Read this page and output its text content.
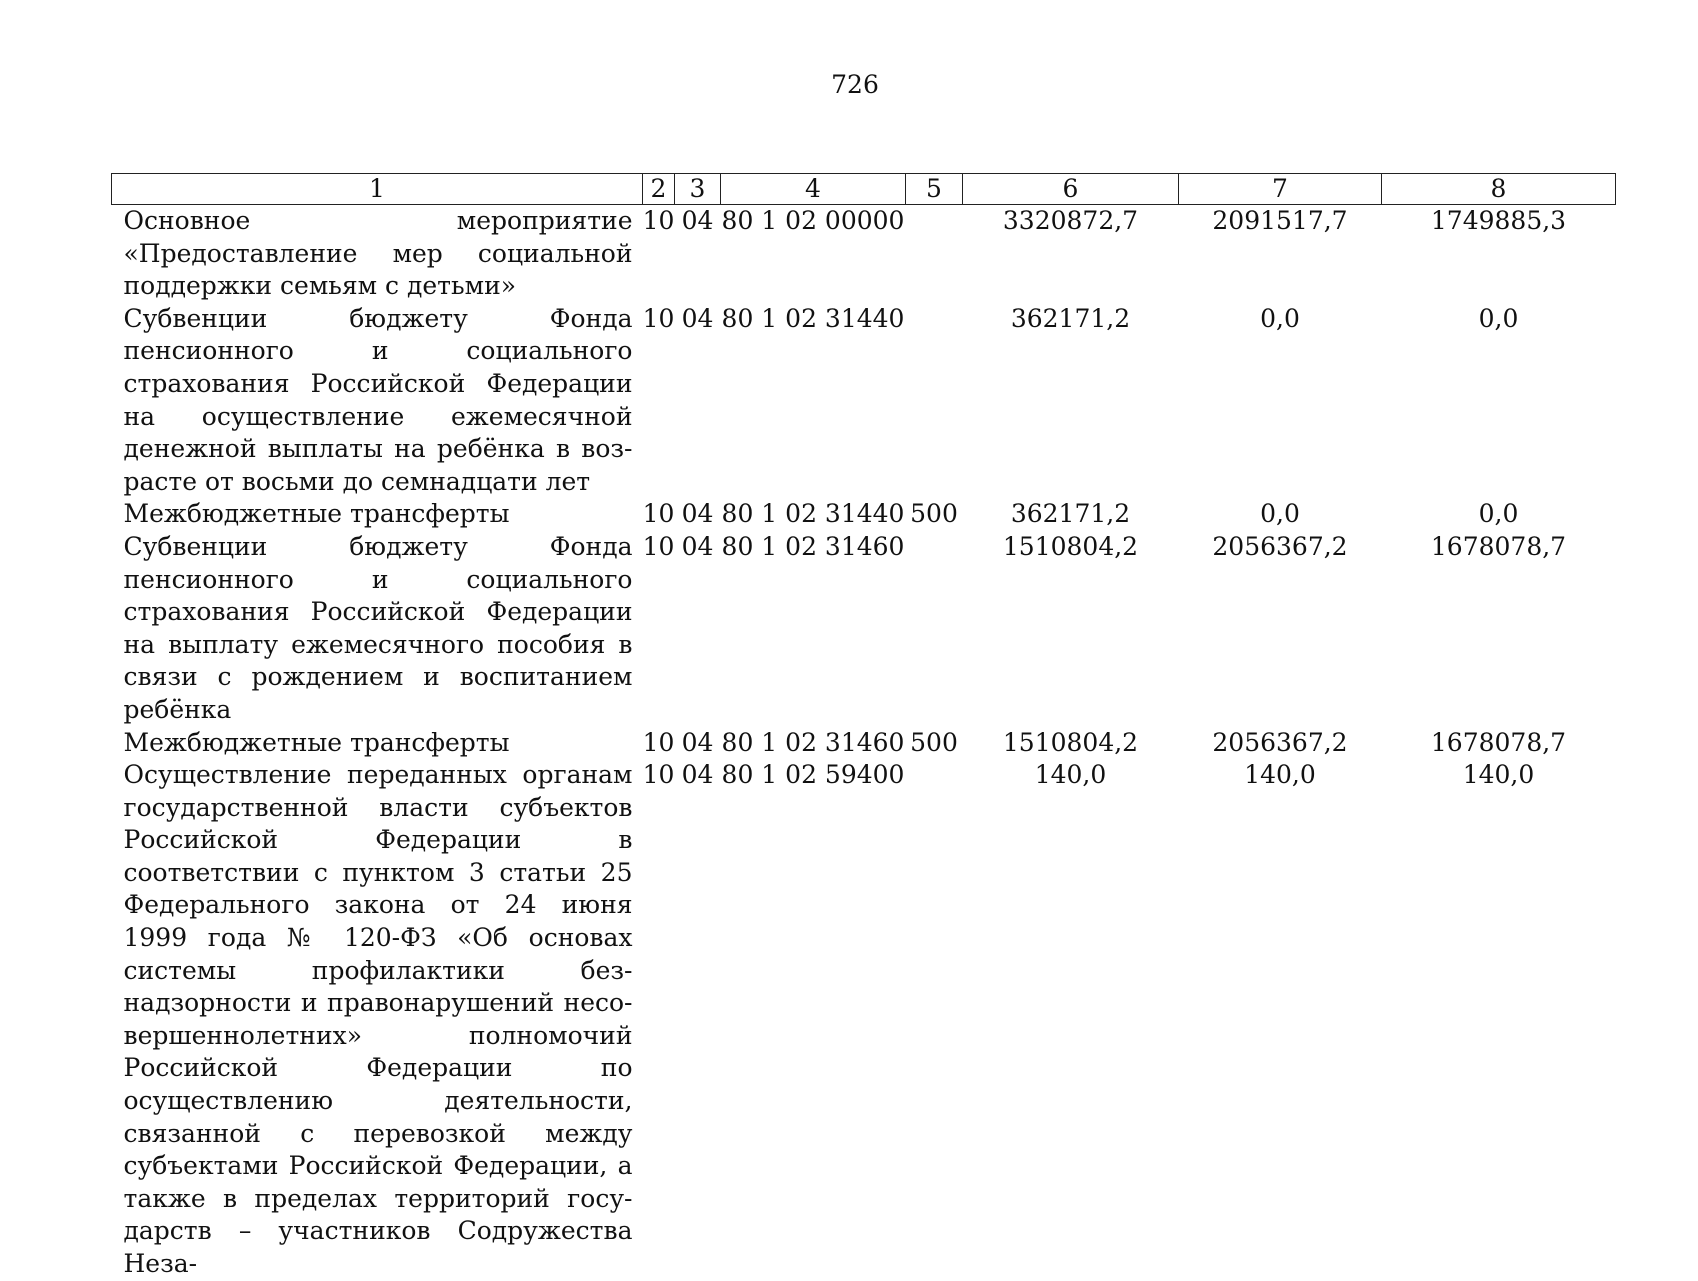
726
1	2	3	4	5	6	7	8
Основное мероприятие «Предоставление мер социальной поддержки семьям с детьми»	10	04	80 1 02 00000		3320872,7	2091517,7	1749885,3
Субвенции бюджету Фонда пенсионного и социального страхования Российской Федерации на осуществление ежемесячной денежной выплаты на ребёнка в возрасте от восьми до семнадцати лет	10	04	80 1 02 31440		362171,2	0,0	0,0
Межбюджетные трансферты	10	04	80 1 02 31440	500	362171,2	0,0	0,0
Субвенции бюджету Фонда пенсионного и социального страхования Российской Федерации на выплату ежемесячного пособия в связи с рождением и воспитанием ребёнка	10	04	80 1 02 31460		1510804,2	2056367,2	1678078,7
Межбюджетные трансферты	10	04	80 1 02 31460	500	1510804,2	2056367,2	1678078,7
Осуществление переданных органам государственной власти субъектов Российской Федерации в соответствии с пунктом 3 статьи 25 Федерального закона от 24 июня 1999 года № 120-ФЗ «Об основах системы профилактики безнадзорности и правонарушений несовершеннолетних» полномочий Российской Федерации по осуществлению деятельности, связанной с перевозкой между субъектами Российской Федерации, а также в пределах территорий государств – участников Содружества Неза-	10	04	80 1 02 59400		140,0	140,0	140,0
